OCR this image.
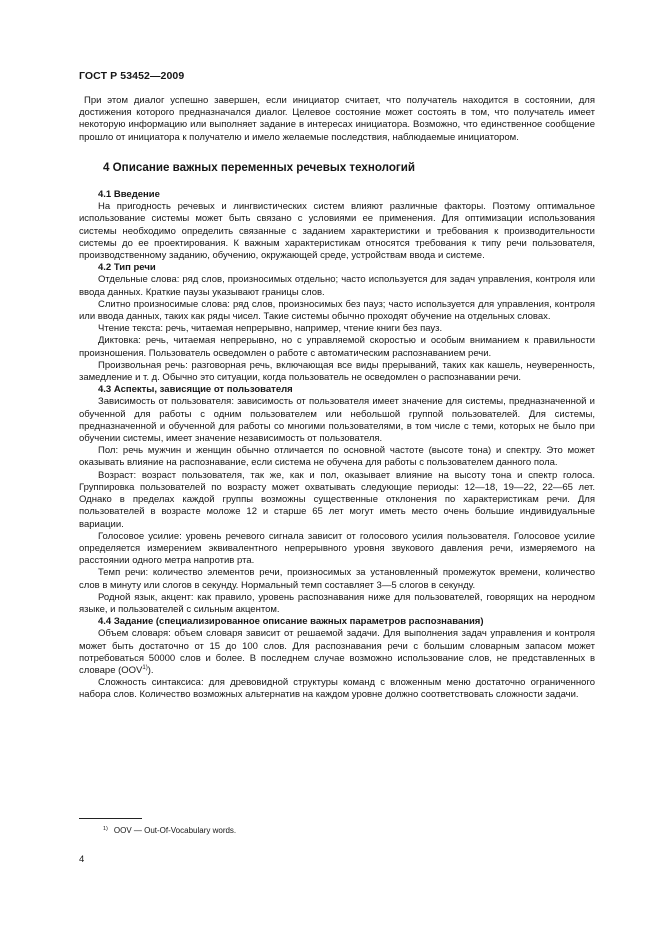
ГОСТ Р 53452—2009

При этом диалог успешно завершен, если инициатор считает, что получатель находится в состоянии, для достижения которого предназначался диалог. Целевое состояние может состоять в том, что получатель имеет некоторую информацию или выполняет задание в интересах инициатора. Возможно, что единственное сообщение прошло от инициатора к получателю и имело желаемые последствия, наблюдаемые инициатором.

4 Описание важных переменных речевых технологий
4.1 Введение

На пригодность речевых и лингвистических систем влияют различные факторы. Поэтому оптимальное использование системы может быть связано с условиями ее применения. Для оптимизации использования системы необходимо определить связанные с заданием характеристики и требования к производительности системы до ее проектирования. К важным характеристикам относятся требования к типу речи пользователя, производственному заданию, обучению, окружающей среде, устройствам ввода и системе.

4.2 Тип речи

Отдельные слова: ряд слов, произносимых отдельно; часто используется для задач управления, контроля или ввода данных. Краткие паузы указывают границы слов.

Слитно произносимые слова: ряд слов, произносимых без пауз; часто используется для управления, контроля или ввода данных, таких как ряды чисел. Такие системы обычно проходят обучение на отдельных словах.

Чтение текста: речь, читаемая непрерывно, например, чтение книги без пауз.

Диктовка: речь, читаемая непрерывно, но с управляемой скоростью и особым вниманием к правильности произношения. Пользователь осведомлен о работе с автоматическим распознаванием речи.

Произвольная речь: разговорная речь, включающая все виды прерываний, таких как кашель, неуверенность, замедление и т. д. Обычно это ситуации, когда пользователь не осведомлен о распознавании речи.

4.3 Аспекты, зависящие от пользователя

Зависимость от пользователя: зависимость от пользователя имеет значение для системы, предназначенной и обученной для работы с одним пользователем или небольшой группой пользователей. Для системы, предназначенной и обученной для работы со многими пользователями, в том числе с теми, которых не было при обучении системы, имеет значение независимость от пользователя.

Пол: речь мужчин и женщин обычно отличается по основной частоте (высоте тона) и спектру. Это может оказывать влияние на распознавание, если система не обучена для работы с пользователем данного пола.

Возраст: возраст пользователя, так же, как и пол, оказывает влияние на высоту тона и спектр голоса. Группировка пользователей по возрасту может охватывать следующие периоды: 12—18, 19—22, 22—65 лет. Однако в пределах каждой группы возможны существенные отклонения по характеристикам речи. Для пользователей в возрасте моложе 12 и старше 65 лет могут иметь место очень большие индивидуальные вариации.

Голосовое усилие: уровень речевого сигнала зависит от голосового усилия пользователя. Голосовое усилие определяется измерением эквивалентного непрерывного уровня звукового давления речи, измеряемого на расстоянии одного метра напротив рта.

Темп речи: количество элементов речи, произносимых за установленный промежуток времени, количество слов в минуту или слогов в секунду. Нормальный темп составляет 3—5 слогов в секунду.

Родной язык, акцент: как правило, уровень распознавания ниже для пользователей, говорящих на неродном языке, и пользователей с сильным акцентом.

4.4 Задание (специализированное описание важных параметров распознавания)

Объем словаря: объем словаря зависит от решаемой задачи. Для выполнения задач управления и контроля может быть достаточно от 15 до 100 слов. Для распознавания речи с большим словарным запасом может потребоваться 50000 слов и более. В последнем случае возможно использование слов, не представленных в словаре (OOV$^{1)}$).

Сложность синтаксиса: для древовидной структуры команд с вложенным меню достаточно ограниченного набора слов. Количество возможных альтернатив на каждом уровне должно соответствовать сложности задачи.

$^{1)}$ OOV — Out-Of-Vocabulary words.
4
